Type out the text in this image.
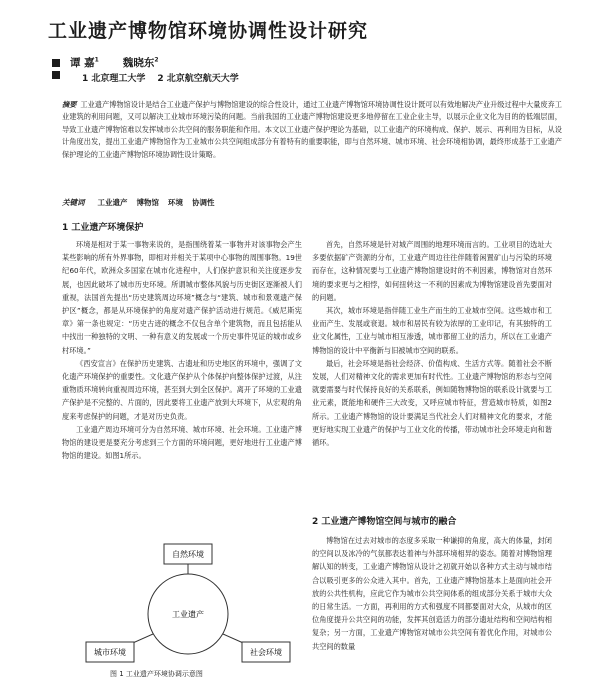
工业遗产博物馆环境协调性设计研究
谭 嘉$^1$ 魏晓东$^2$
1 北京理工大学 2 北京航空航天大学
摘要 工业遗产博物馆设计是结合工业遗产保护与博物馆建设的综合性设计，通过工业遗产博物馆环境协调性设计既可以有效地解决产业升级过程中大量废弃工业建筑的利用问题，又可以解决工业城市环境污染的问题。当前我国的工业遗产博物馆建设更多地停留在工业企业主导，以展示企业文化为目的的低端层面，导致工业遗产博物馆难以发挥城市公共空间的服务职能和作用。本文以工业遗产保护理论为基础，以工业遗产的环境构成、保护、展示、再利用为目标，从设计角度出发，提出工业遗产博物馆作为工业城市公共空间组成部分有着特有的重要职能，即与自然环境、城市环境、社会环境相协调，最终形成基于工业遗产保护理论的工业遗产博物馆环境协调性设计策略。
关键词 工业遗产 博物馆 环境 协调性
1 工业遗产环境保护

环境是相对于某一事物来说的，是指围绕着某一事物并对该事物会产生某些影响的所有外界事物，即相对并相关于某项中心事物的周围事物。19世纪60年代，欧洲众多国家在城市化进程中，人们保护意识和关注度逐步发展，也因此破坏了城市历史环境。所谓城市整体风貌与历史街区逐渐被人们重视，法国首先提出“历史建筑周边环境”概念与“建筑、城市和景观遗产保护区”概念，都是从环境保护的角度对遗产保护活动进行规范。《威尼斯宪章》第一条也规定：“历史古迹的概念不仅包含单个建筑物，而且包括能从中找出一种独特的文明、一种有意义的发展或一个历史事件见证的城市或乡村环境。”

《西安宣言》在保护历史建筑、古遗址和历史地区的环境中，强调了文化遗产环境保护的重要性。文化遗产保护从个体保护向整体保护过渡，从注重物质环境转向重视周边环境，甚至到大到全区保护。离开了环境的工业遗产保护是不完整的、片面的，因此要将工业遗产放到大环境下，从宏观的角度来考虑保护的问题，才是对历史负责。

工业遗产周边环境可分为自然环境、城市环境、社会环境。工业遗产博物馆的建设更是要充分考虑到三个方面的环境问题，更好地进行工业遗产博物馆的建设。如图1所示。

自然环境
城市环境	社会环境
工业遗产
图 1 工业遗产环境协调示意图

首先，自然环境是针对城产周围的地理环境而言的。工业项目的选址大多要依据矿产资源的分布，工业遗产周边往往伴随着闲置矿山与污染的环境而存在，这种情况要与工业遗产博物馆建设时的不利因素，博物馆对自然环境的要求更与之相悖，如何扭转这一不利的因素成为博物馆建设首先要面对的问题。

其次，城市环境是指伴随工业生产而生的工业城市空间。这些城市和工业而产生、发展或衰退。城市和居民有较为浓厚的工业印记，有其独特的工业文化属性，工业与城市相互渗透，城市都留工业的活力，所以在工业遗产博物馆的设计中平衡新与旧被城市空间的联系。

最后，社会环境是指社会经济、价值构成、生活方式等。随着社会不断发展，人们对精神文化的需求更加有时代性。工业遗产博物馆的形态与空间就要需要与时代保持良好的关系联系，例如随物博物馆的联系设计就要与工业元素，既能地和硬件三大改变，又呼应城市特征，营造城市特质，如图2所示。工业遗产博物馆的设计要满足当代社会人们对精神文化的要求，才能更好地实现工业遗产的保护与工业文化的传播，带动城市社会环境走向和谐循环。

2 工业遗产博物馆空间与城市的融合

博物馆在过去对城市的态度多采取一种谦抑的角度，高大的体量，封闭的空间以及冰冷的气氛都表达着神与外部环境相异的姿态。随着对博物馆理解认知的转变，工业遗产博物馆从设计之初就开始以各种方式主动与城市结合以吸引更多的公众进入其中。首先，工业遗产博物馆基本上是面向社会开放的公共性机构，应此它作为城市公共空间体系的组成部分关系于城市大众的日常生活。一方面，再利用的方式和强度不同都要面对大众，从城市的区位角度提升公共空间的功能，发挥其创造活力的部分遗址结构和空间结构相复杂；另一方面，工业遗产博物馆对城市公共空间有着优化作用，对城市公共空间的数量
